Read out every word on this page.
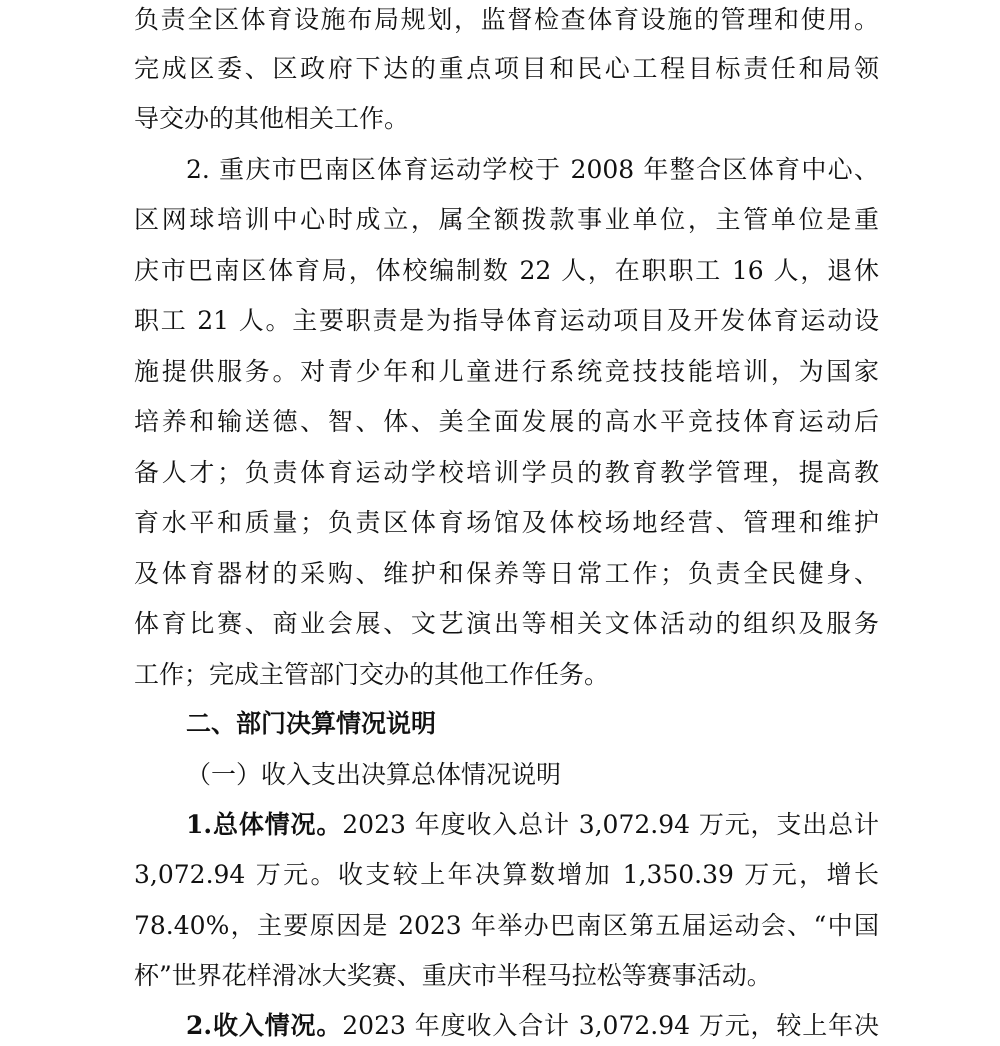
负责全区体育设施布局规划，监督检查体育设施的管理和使用。
完成区委、区政府下达的重点项目和民心工程目标责任和局领
导交办的其他相关工作。
2. 重庆市巴南区体育运动学校于 2008 年整合区体育中心、
区网球培训中心时成立，属全额拨款事业单位，主管单位是重
庆市巴南区体育局，体校编制数 22 人，在职职工 16 人，退休
职工 21 人。主要职责是为指导体育运动项目及开发体育运动设
施提供服务。对青少年和儿童进行系统竞技技能培训，为国家
培养和输送德、智、体、美全面发展的高水平竞技体育运动后
备人才；负责体育运动学校培训学员的教育教学管理，提高教
育水平和质量；负责区体育场馆及体校场地经营、管理和维护
及体育器材的采购、维护和保养等日常工作；负责全民健身、
体育比赛、商业会展、文艺演出等相关文体活动的组织及服务
工作；完成主管部门交办的其他工作任务。
二、部门决算情况说明
（一）收入支出决算总体情况说明
1.总体情况。2023 年度收入总计 3,072.94 万元，支出总计
3,072.94 万元。收支较上年决算数增加 1,350.39 万元，增长
78.40%，主要原因是 2023 年举办巴南区第五届运动会、“中国
杯”世界花样滑冰大奖赛、重庆市半程马拉松等赛事活动。
2.收入情况。2023 年度收入合计 3,072.94 万元，较上年决
